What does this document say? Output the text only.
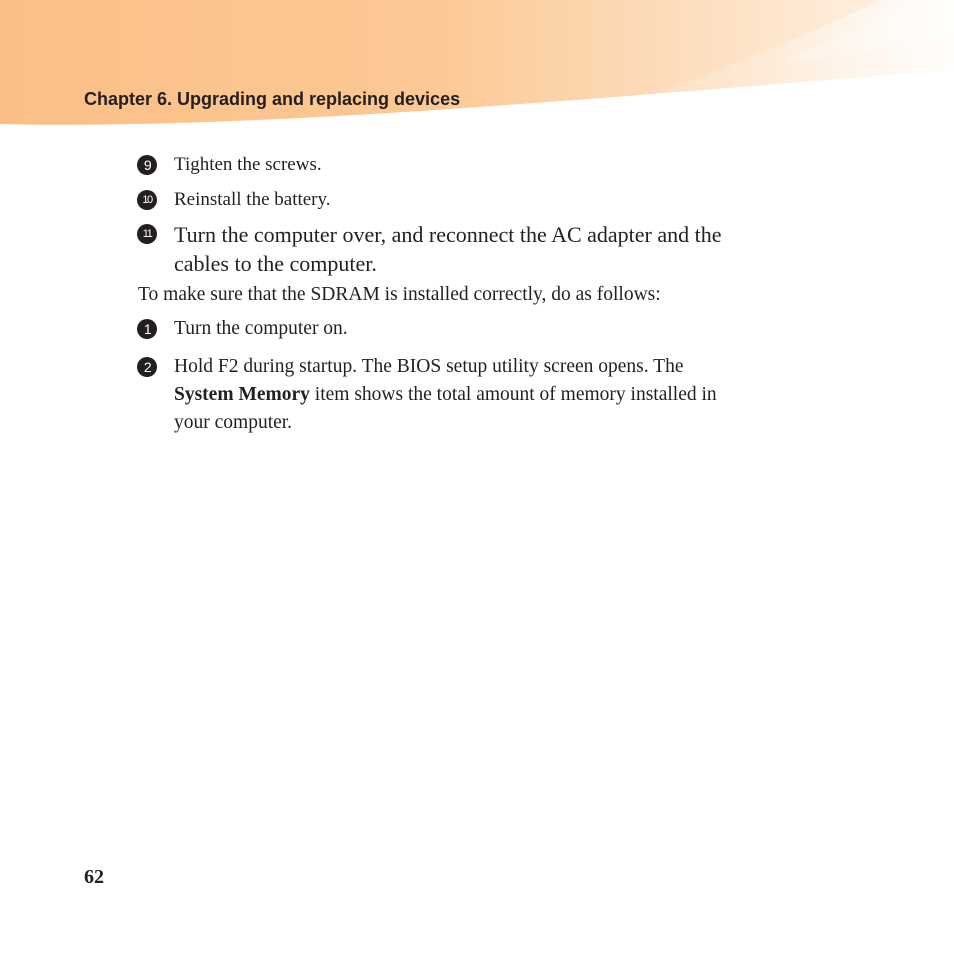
Chapter 6. Upgrading and replacing devices
9	Tighten the screws.
10 Reinstall the battery.
11 Turn the computer over, and reconnect the AC adapter and the
cables to the computer.
To make sure that the SDRAM is installed correctly, do as follows:
1	Turn the computer on.
2	Hold F2 during startup. The BIOS setup utility screen opens. The
System Memory item shows the total amount of memory installed in
your computer.
62
